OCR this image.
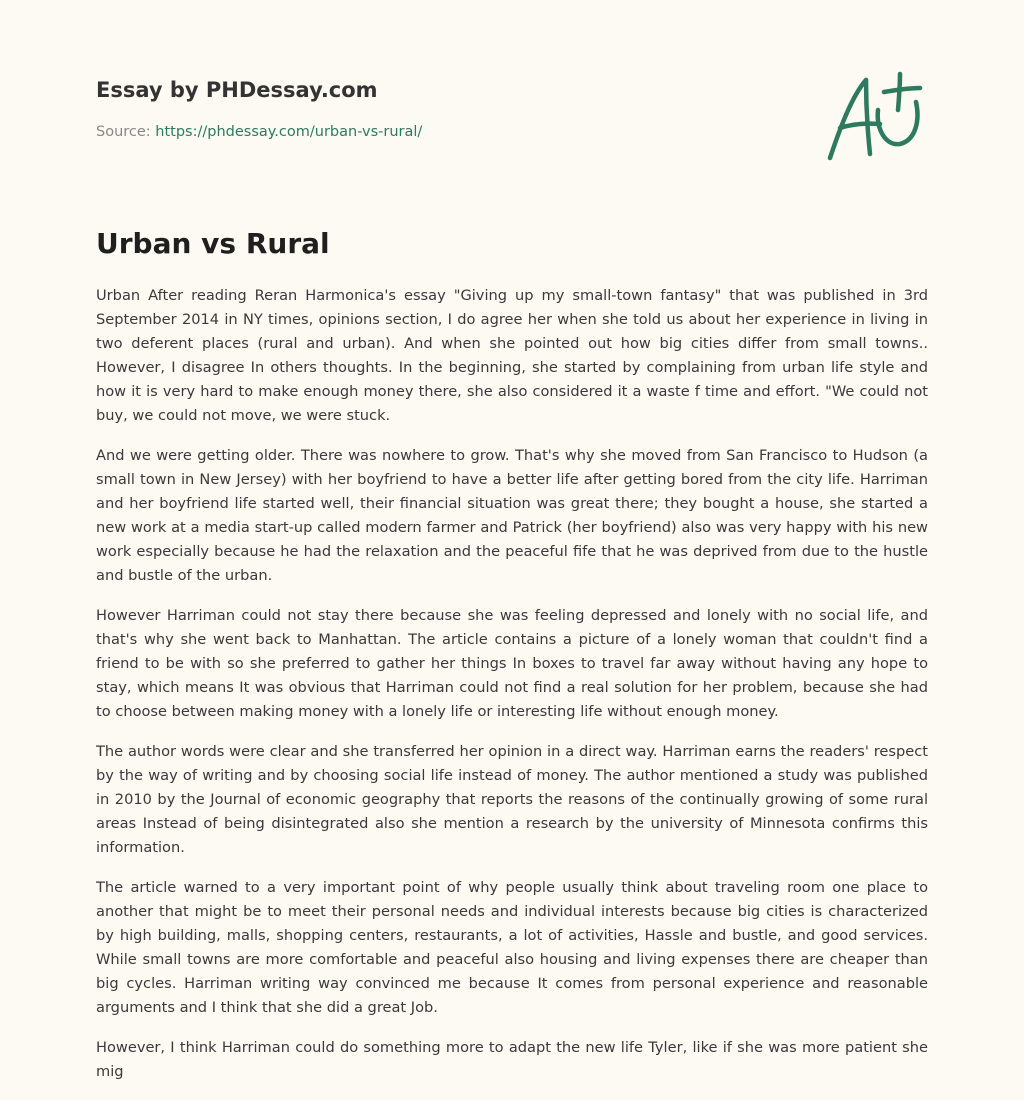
Essay by PHDessay.com
Source: https://phdessay.com/urban-vs-rural/
Urban vs Rural

Urban After reading Reran Harmonica's essay "Giving up my small-town fantasy" that was published in 3rd September 2014 in NY times, opinions section, I do agree her when she told us about her experience in living in two deferent places (rural and urban). And when she pointed out how big cities differ from small towns.. However, I disagree In others thoughts. In the beginning, she started by complaining from urban life style and how it is very hard to make enough money there, she also considered it a waste f time and effort. "We could not buy, we could not move, we were stuck.

And we were getting older. There was nowhere to grow. That's why she moved from San Francisco to Hudson (a small town in New Jersey) with her boyfriend to have a better life after getting bored from the city life. Harriman and her boyfriend life started well, their financial situation was great there; they bought a house, she started a new work at a media start-up called modern farmer and Patrick (her boyfriend) also was very happy with his new work especially because he had the relaxation and the peaceful fife that he was deprived from due to the hustle and bustle of the urban.

However Harriman could not stay there because she was feeling depressed and lonely with no social life, and that's why she went back to Manhattan. The article contains a picture of a lonely woman that couldn't find a friend to be with so she preferred to gather her things In boxes to travel far away without having any hope to stay, which means It was obvious that Harriman could not find a real solution for her problem, because she had to choose between making money with a lonely life or interesting life without enough money.

The author words were clear and she transferred her opinion in a direct way. Harriman earns the readers' respect by the way of writing and by choosing social life instead of money. The author mentioned a study was published in 2010 by the Journal of economic geography that reports the reasons of the continually growing of some rural areas Instead of being disintegrated also she mention a research by the university of Minnesota confirms this information.

The article warned to a very important point of why people usually think about traveling room one place to another that might be to meet their personal needs and individual interests because big cities is characterized by high building, malls, shopping centers, restaurants, a lot of activities, Hassle and bustle, and good services. While small towns are more comfortable and peaceful also housing and living expenses there are cheaper than big cycles. Harriman writing way convinced me because It comes from personal experience and reasonable arguments and I think that she did a great Job.

However, I think Harriman could do something more to adapt the new life Tyler, like if she was more patient she mig
